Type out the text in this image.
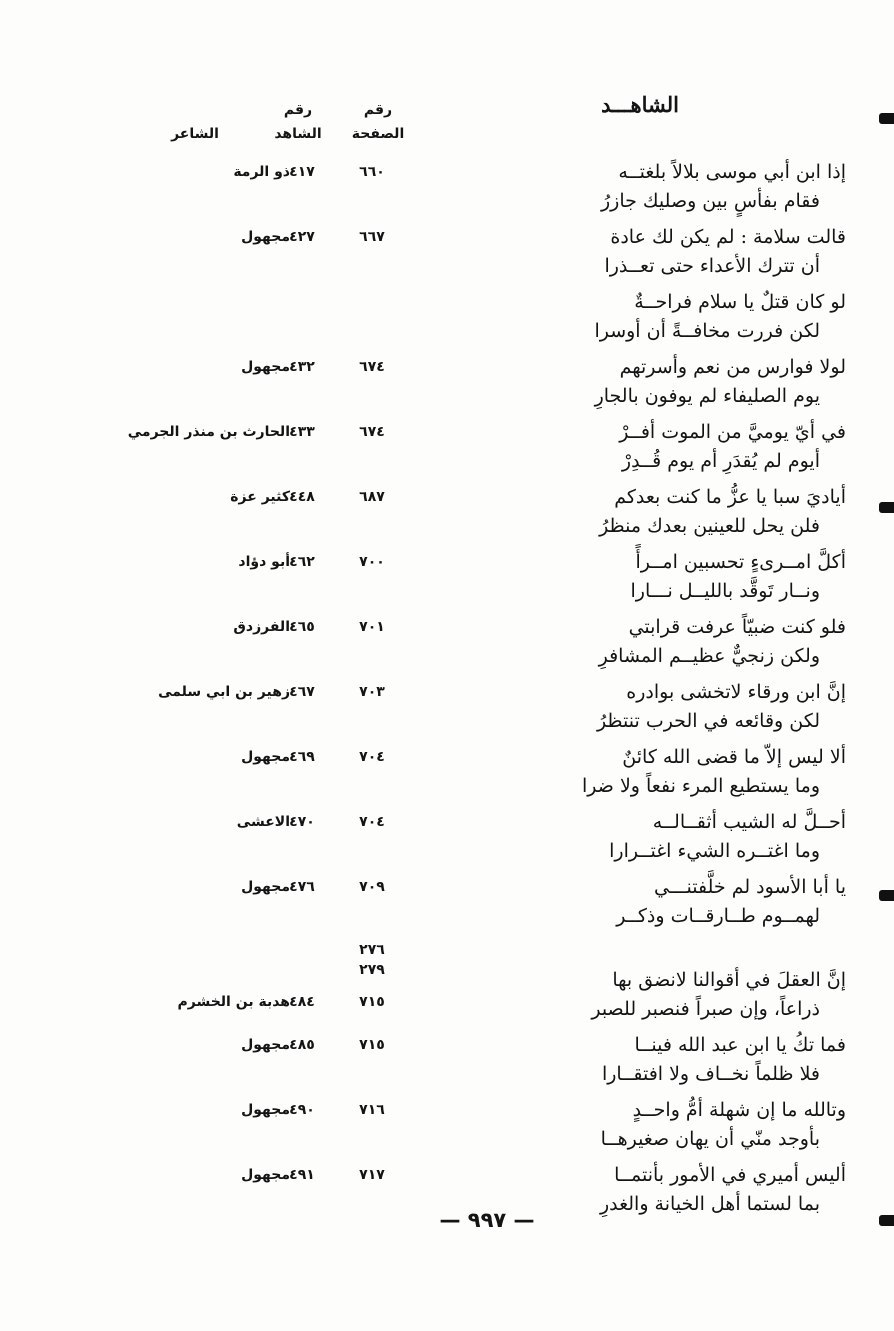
الشاهـــد
رقم
الصفحة
رقم
الشاهد
الشاعر
إذا ابن أبي موسى بلالاً بلغتــه
فقام بفأسٍ بين وصليك جازرُ
٦٦٠
٤١٧
ذو الرمة
قالت سلامة : لم يكن لك عادة
أن تترك الأعداء حتى تعــذرا
٦٦٧
٤٢٧
مجهول
لو كان قتلٌ يا سلام فراحــةٌ
لكن فررت مخافــةً أن أوسرا
لولا فوارس من نعم وأسرتهم
يوم الصليفاء لم يوفون بالجارِ
٦٧٤
٤٣٢
مجهول
في أيّ يوميَّ من الموت أفــرْ
أيوم لم يُقدَرِ أم يوم قُــدِرْ
٦٧٤
٤٣٣
الحارث بن منذر الجرمي
أياديَ سبا يا عزُّ ما كنت بعدكم
فلن يحل للعينين بعدك منظرُ
٦٨٧
٤٤٨
كثير عزة
أكلَّ امــرىءٍ تحسبين امــرأً
ونــار تَوقَّد بالليــل نـــارا
٧٠٠
٤٦٢
أبو دؤاد
فلو كنت ضبيّاً عرفت قرابتي
ولكن زنجيٌّ عظيــم المشافرِ
٧٠١
٤٦٥
الفرزدق
إنَّ ابن ورقاء لاتخشى بوادره
لكن وقائعه في الحرب تنتظرُ
٧٠٣
٤٦٧
زهير بن ابي سلمى
ألا ليس إلاّ ما قضى الله كائنٌ
وما يستطيع المرء نفعاً ولا ضرا
٧٠٤
٤٦٩
مجهول
أحــلَّ له الشيب أثقــالــه
وما اغتــره الشيء اغتــرارا
٧٠٤
٤٧٠
الاعشى
يا أبا الأسود لم خلَّفتنـــي
لهمــوم طــارقــات وذكــر
٧٠٩
٤٧٦
مجهول
٢٧٦
إنَّ العقلَ في أقوالنا لانضق بها
ذراعاً، وإن صبراً فنصبر للصبر
٢٧٩
٧١٥
٤٨٤
هدبة بن الخشرم
فما تكُ يا ابن عبد الله فينــا
فلا ظلماً نخــاف ولا افتقــارا
٧١٥
٤٨٥
مجهول
وتالله ما إن شهلة أمُّ واحــدٍ
بأوجد منّي أن يهان صغيرهــا
٧١٦
٤٩٠
مجهول
أليس أميري في الأمور بأنتمــا
بما لستما أهل الخيانة والغدرِ
٧١٧
٤٩١
مجهول
— ٩٩٧ —
